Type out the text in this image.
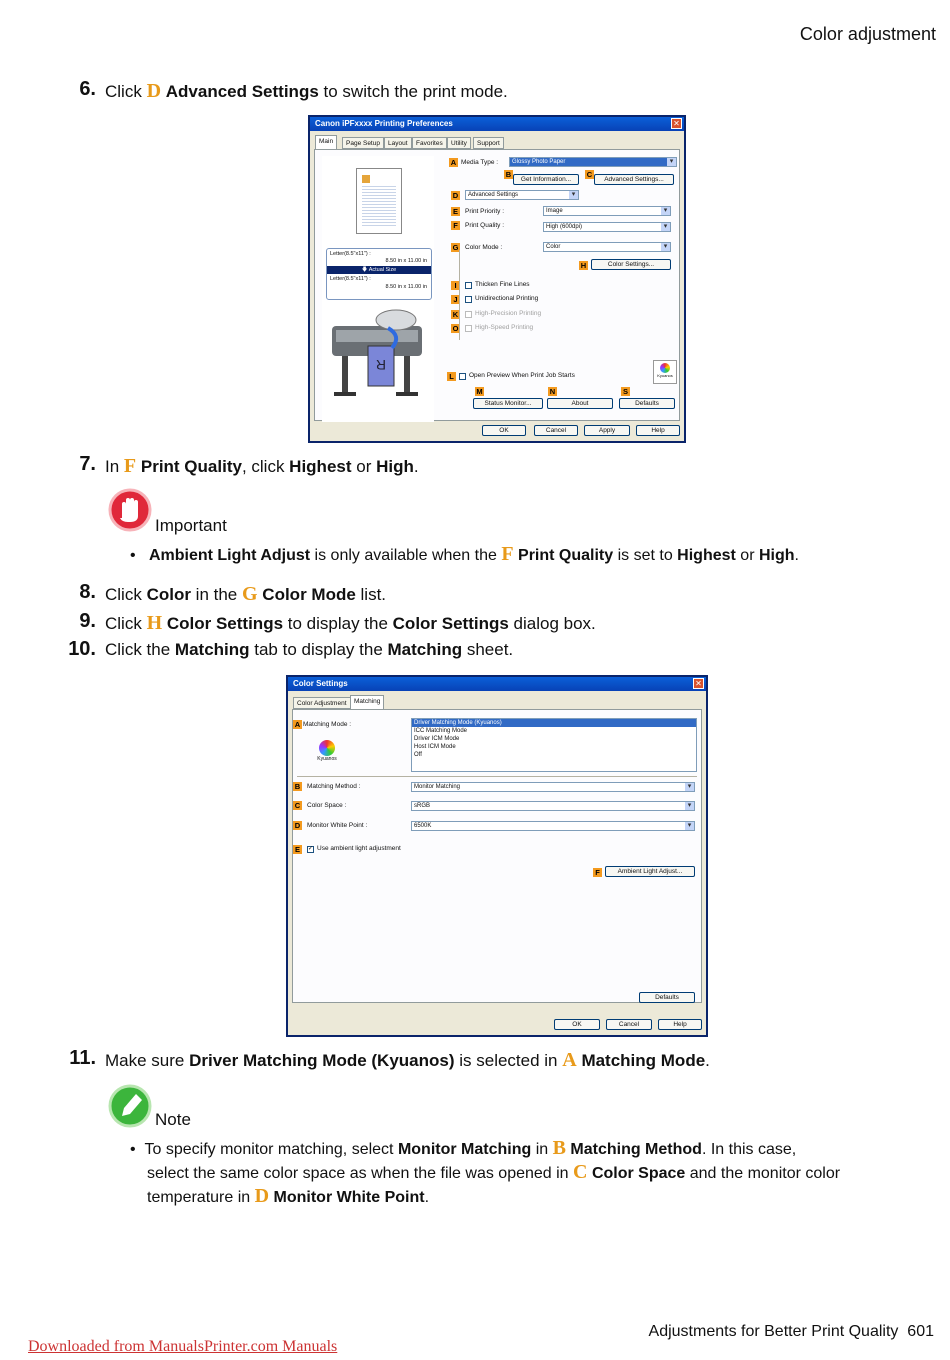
Color adjustment
6. Click D Advanced Settings to switch the print mode.
Canon iPFxxxx Printing Preferences	✕
Main	Page Setup	Layout	Favorites	Utility	Support
Letter(8.5"x11") :
8.50 in x 11.00 in
🡇 Actual Size
Letter(8.5"x11") :
8.50 in x 11.00 in
R
A Media Type :	Glossy Photo Paper ▾
B
Get Information...
C
Advanced Settings...
D	Advanced Settings ▾
E	Print Priority :	Image ▾
F	Print Quality :	High (600dpi) ▾
G Color Mode :	Color ▾
H	Color Settings...
I	Thicken Fine Lines
J	Unidirectional Printing
K	High-Precision Printing
O	High-Speed Printing
L	Open Preview When Print Job Starts	Kyuanos
M	N	S
Status Monitor...	About	Defaults
OK	Cancel	Apply	Help
7. In F Print Quality, click Highest or High.
Important
•   Ambient Light Adjust is only available when the F Print Quality is set to Highest or High.
8. Click Color in the G Color Mode list.
9. Click H Color Settings to display the Color Settings dialog box.
10. Click the Matching tab to display the Matching sheet.
Color Settings	✕
Color Adjustment	Matching
A Matching Mode :	Driver Matching Mode (Kyuanos)
ICC Matching Mode
Driver ICM Mode
Host ICM Mode
Off
Kyuanos
B Matching Method :	Monitor Matching ▾
C Color Space :	sRGB ▾
D Monitor White Point :	6500K ▾
E	✓ Use ambient light adjustment
F	Ambient Light Adjust...
Defaults
OK	Cancel	Help
11. Make sure Driver Matching Mode (Kyuanos) is selected in A Matching Mode.
Note
•  To specify monitor matching, select Monitor Matching in B Matching Method. In this case,
select the same color space as when the file was opened in C Color Space and the monitor color
temperature in D Monitor White Point.
Adjustments for Better Print Quality 601
Downloaded from ManualsPrinter.com Manuals
